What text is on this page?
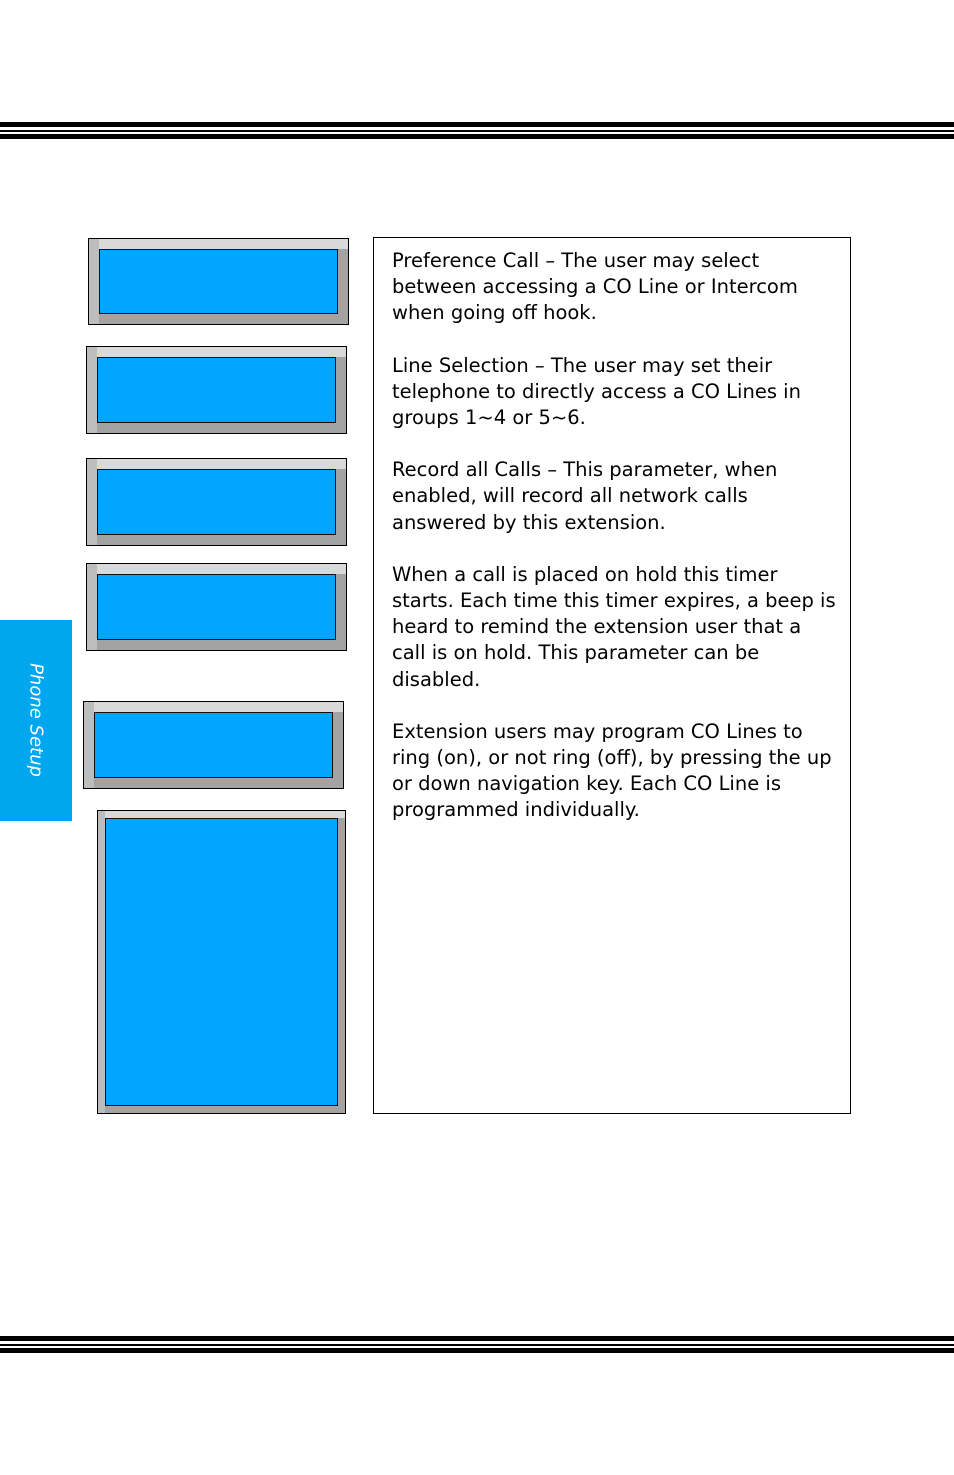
Phone Setup

Preference Call – The user may select between accessing a CO Line or Intercom when going off hook.

Line Selection – The user may set their telephone to directly access a CO Lines in groups 1~4 or 5~6.

Record all Calls – This parameter, when enabled, will record all network calls answered by this extension.

When a call is placed on hold this timer starts. Each time this timer expires, a beep is heard to remind the extension user that a call is on hold. This parameter can be disabled.

Extension users may program CO Lines to ring (on), or not ring (off), by pressing the up or down navigation key. Each CO Line is programmed individually.
